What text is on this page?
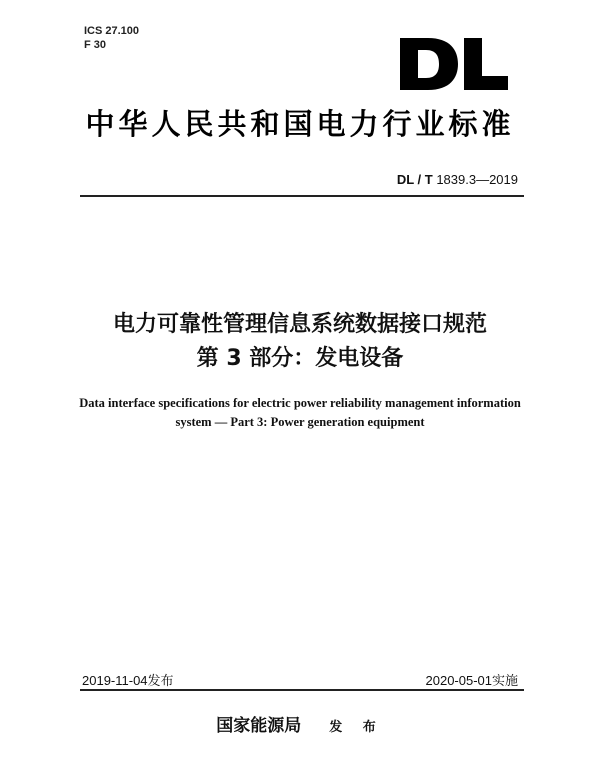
ICS 27.100
F 30
中华人民共和国电力行业标准
DL / T 1839.3—2019
电力可靠性管理信息系统数据接口规范
第 3 部分：发电设备
Data interface specifications for electric power reliability management information
system — Part 3: Power generation equipment
2019-11-04发布	2020-05-01实施
国家能源局 发 布
